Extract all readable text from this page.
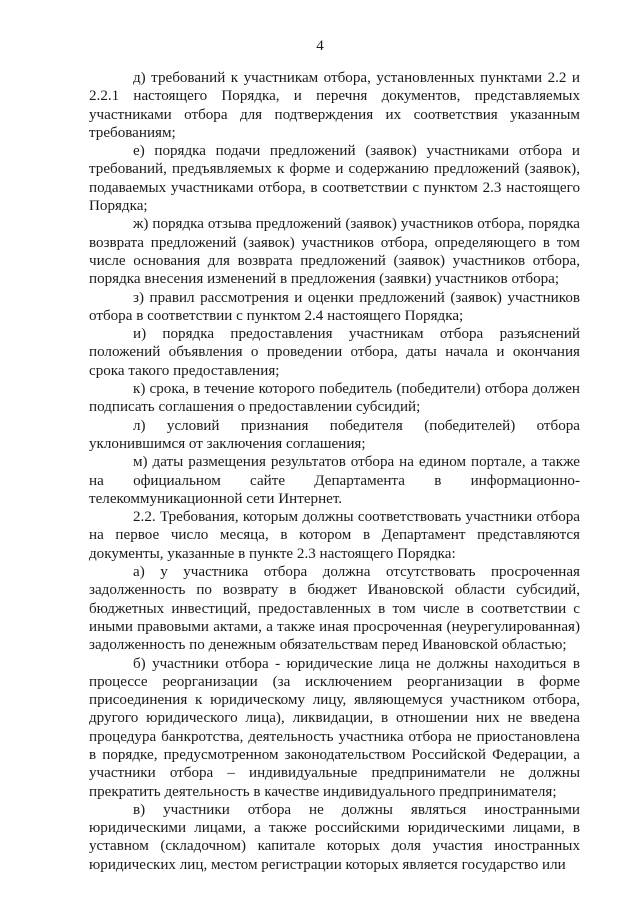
4

д) требований к участникам отбора, установленных пунктами 2.2 и 2.2.1 настоящего Порядка, и перечня документов, представляемых участниками отбора для подтверждения их соответствия указанным требованиям;

е) порядка подачи предложений (заявок) участниками отбора и требований, предъявляемых к форме и содержанию предложений (заявок), подаваемых участниками отбора, в соответствии с пунктом 2.3 настоящего Порядка;

ж) порядка отзыва предложений (заявок) участников отбора, порядка возврата предложений (заявок) участников отбора, определяющего в том числе основания для возврата предложений (заявок) участников отбора, порядка внесения изменений в предложения (заявки) участников отбора;

з) правил рассмотрения и оценки предложений (заявок) участников отбора в соответствии с пунктом 2.4 настоящего Порядка;

и) порядка предоставления участникам отбора разъяснений положений объявления о проведении отбора, даты начала и окончания срока такого предоставления;

к) срока, в течение которого победитель (победители) отбора должен подписать соглашения о предоставлении субсидий;

л) условий признания победителя (победителей) отбора уклонившимся от заключения соглашения;

м) даты размещения результатов отбора на едином портале, а также на официальном сайте Департамента в информационно-телекоммуникационной сети Интернет.

2.2. Требования, которым должны соответствовать участники отбора на первое число месяца, в котором в Департамент представляются документы, указанные в пункте 2.3 настоящего Порядка:

а) у участника отбора должна отсутствовать просроченная задолженность по возврату в бюджет Ивановской области субсидий, бюджетных инвестиций, предоставленных в том числе в соответствии с иными правовыми актами, а также иная просроченная (неурегулированная) задолженность по денежным обязательствам перед Ивановской областью;

б) участники отбора - юридические лица не должны находиться в процессе реорганизации (за исключением реорганизации в форме присоединения к юридическому лицу, являющемуся участником отбора, другого юридического лица), ликвидации, в отношении них не введена процедура банкротства, деятельность участника отбора не приостановлена в порядке, предусмотренном законодательством Российской Федерации, а участники отбора – индивидуальные предприниматели не должны прекратить деятельность в качестве индивидуального предпринимателя;

в) участники отбора не должны являться иностранными юридическими лицами, а также российскими юридическими лицами, в уставном (складочном) капитале которых доля участия иностранных юридических лиц, местом регистрации которых является государство или
